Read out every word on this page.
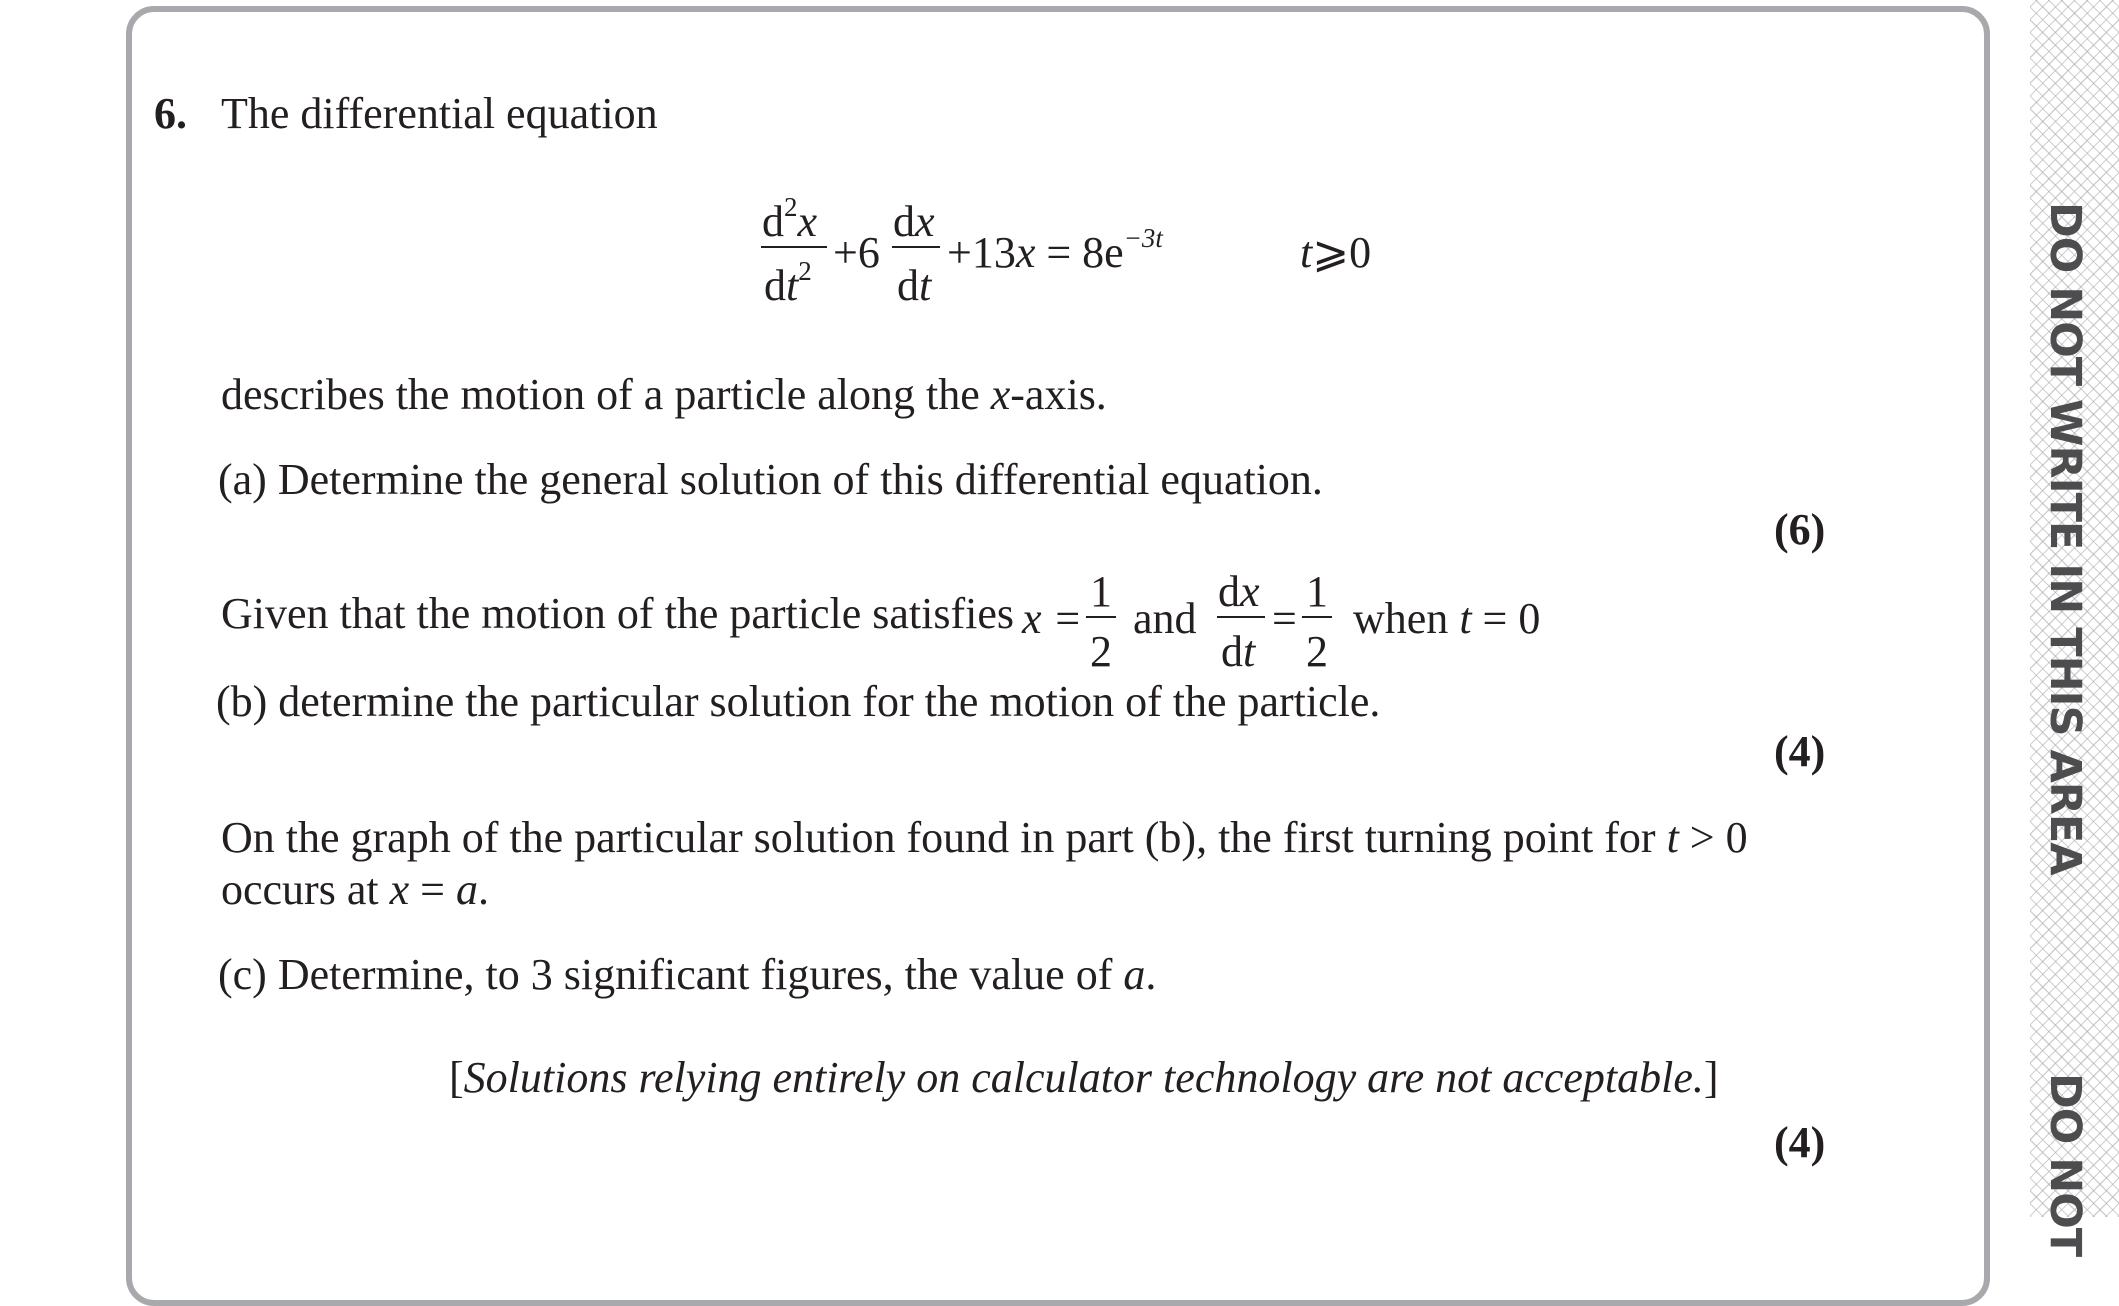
DO NOT WRITE IN THIS AREA
DO NOT
6. The differential equation
$d^2x$
$dt^2 +6$
dx
dt
$+13x = 8e^{-3t}$	t⩾0
describes the motion of a particle along the x-axis.
(a) Determine the general solution of this differential equation.
(6)
Given that the motion of the particle satisfies x =
1
2
and
dx
dt
=
1
2
when t = 0
(b) determine the particular solution for the motion of the particle.
(4)
On the graph of the particular solution found in part (b), the first turning point for t > 0
occurs at x = a.
(c) Determine, to 3 significant figures, the value of a.
[Solutions relying entirely on calculator technology are not acceptable.]
(4)
